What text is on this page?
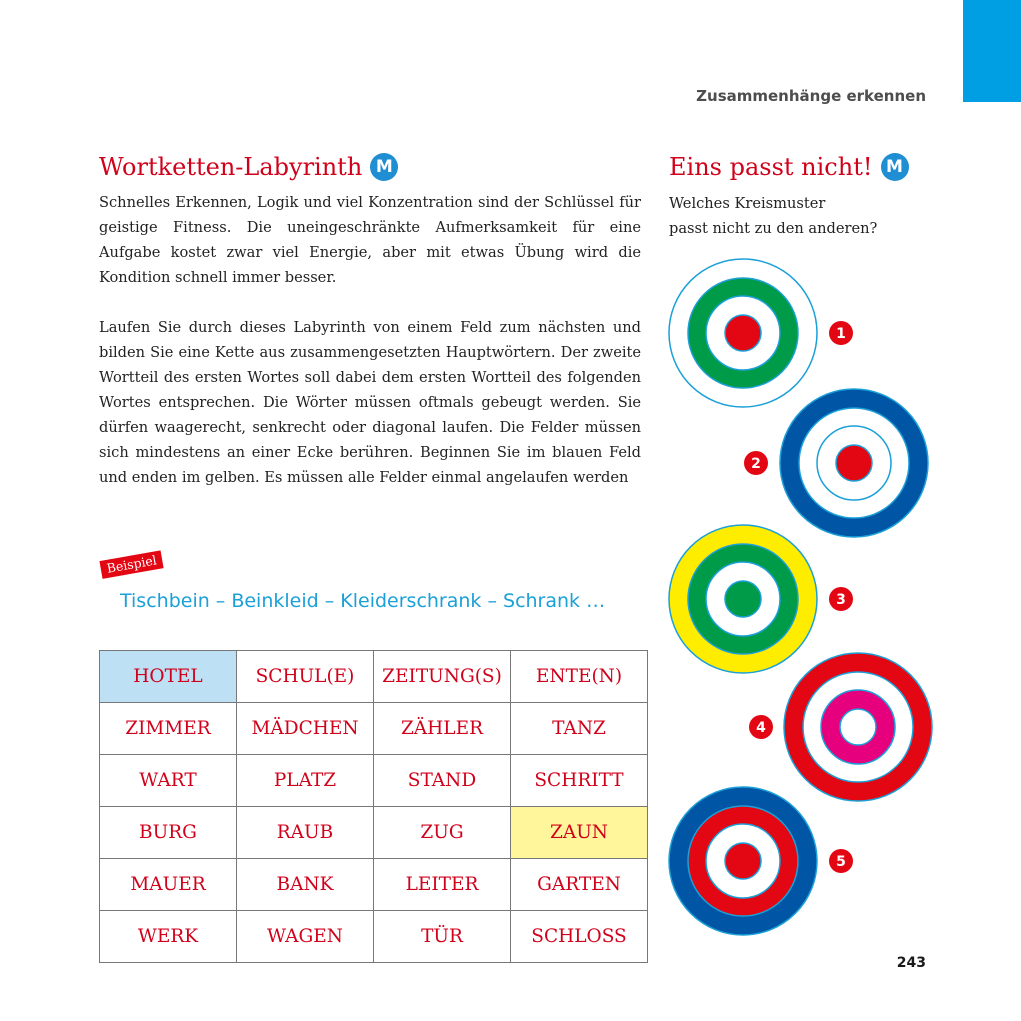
Zusammenhänge erkennen
Wortketten-Labyrinth M

Schnelles Erkennen, Logik und viel Konzentration sind der Schlüssel für geistige Fitness. Die uneingeschränkte Aufmerksamkeit für eine Aufgabe kostet zwar viel Energie, aber mit etwas Übung wird die Kondition schnell immer besser.

Laufen Sie durch dieses Labyrinth von einem Feld zum nächsten und bilden Sie eine Kette aus zusammengesetzten Hauptwörtern. Der zweite Wortteil des ersten Wortes soll dabei dem ersten Wortteil des folgenden Wortes entsprechen. Die Wörter müssen oftmals gebeugt werden. Sie dürfen waagerecht, senkrecht oder diagonal laufen. Die Felder müssen sich mindestens an einer Ecke berühren. Beginnen Sie im blauen Feld und enden im gelben. Es müssen alle Felder einmal angelaufen werden

Beispiel
Tischbein – Beinkleid – Kleiderschrank – Schrank …
HOTEL	SCHUL(E)	ZEITUNG(S)	ENTE(N)
ZIMMER	MÄDCHEN	ZÄHLER	TANZ
WART	PLATZ	STAND	SCHRITT
BURG	RAUB	ZUG	ZAUN
MAUER	BANK	LEITER	GARTEN
WERK	WAGEN	TÜR	SCHLOSS
Eins passt nicht! M
Welches Kreismuster
passt nicht zu den anderen?
1
2
3
4
5
243
